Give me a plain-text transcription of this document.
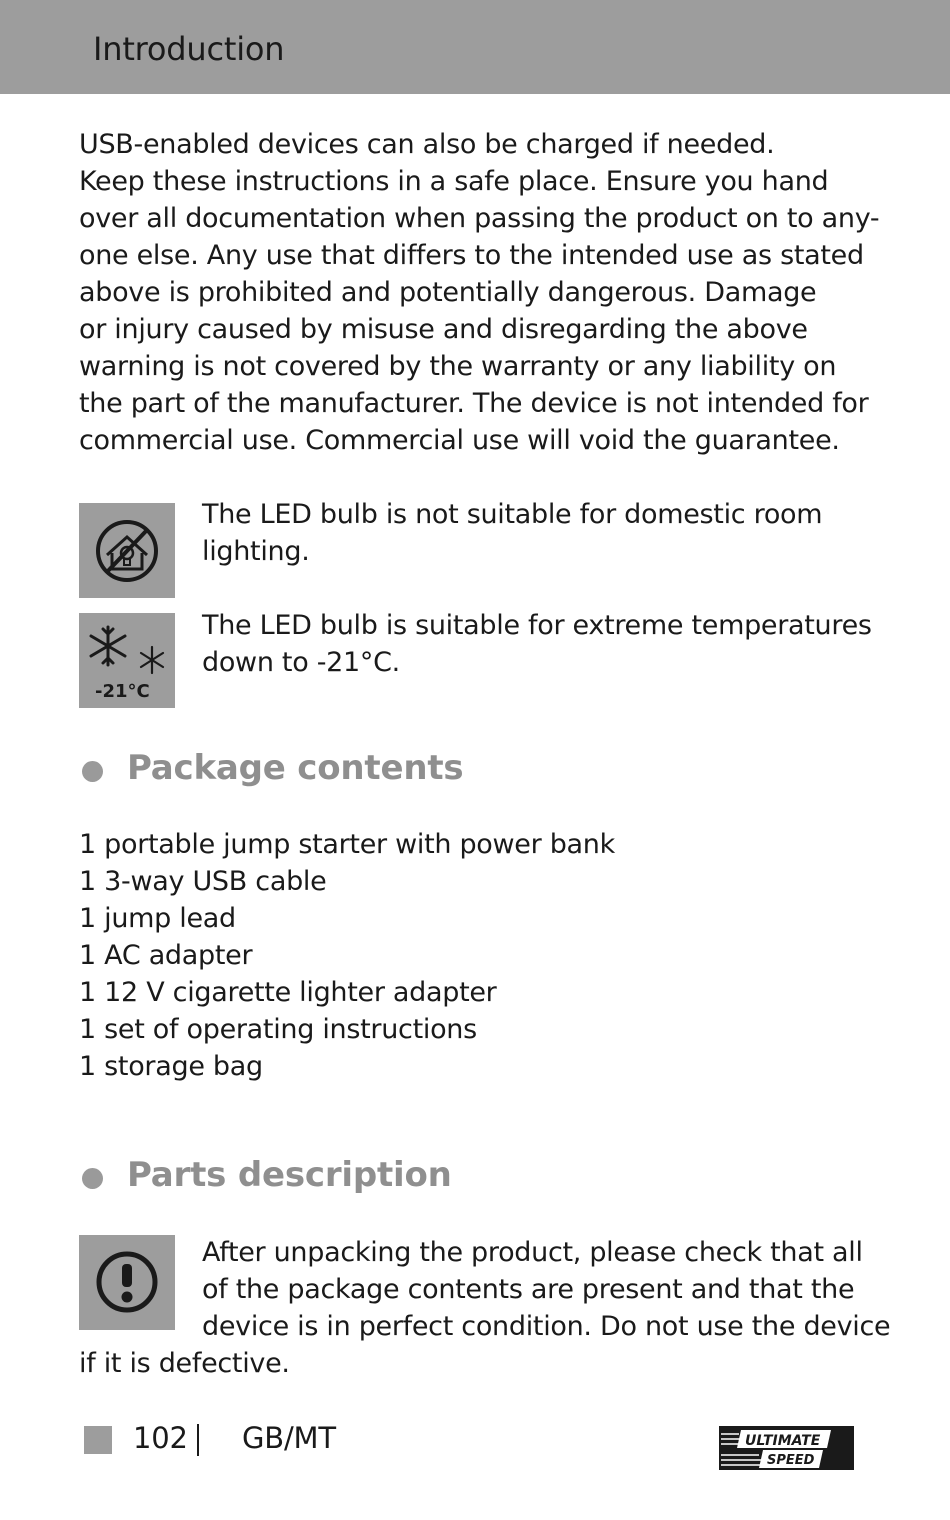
Introduction
USB-enabled devices can also be charged if needed.
Keep these instructions in a safe place. Ensure you hand
over all documentation when passing the product on to any-
one else. Any use that differs to the intended use as stated
above is prohibited and potentially dangerous. Damage
or injury caused by misuse and disregarding the above
warning is not covered by the warranty or any liability on
the part of the manufacturer. The device is not intended for
commercial use. Commercial use will void the guarantee.
The LED bulb is not suitable for domestic room
lighting.
-21°C
The LED bulb is suitable for extreme temperatures
down to -21°C.
Package contents
1 portable jump starter with power bank
1 3-way USB cable
1 jump lead
1 AC adapter
1 12 V cigarette lighter adapter
1 set of operating instructions
1 storage bag
Parts description
After unpacking the product, please check that all
of the package contents are present and that the
device is in perfect condition. Do not use the device
if it is defective.
102 GB/MT	ULTIMATE
SPEED
